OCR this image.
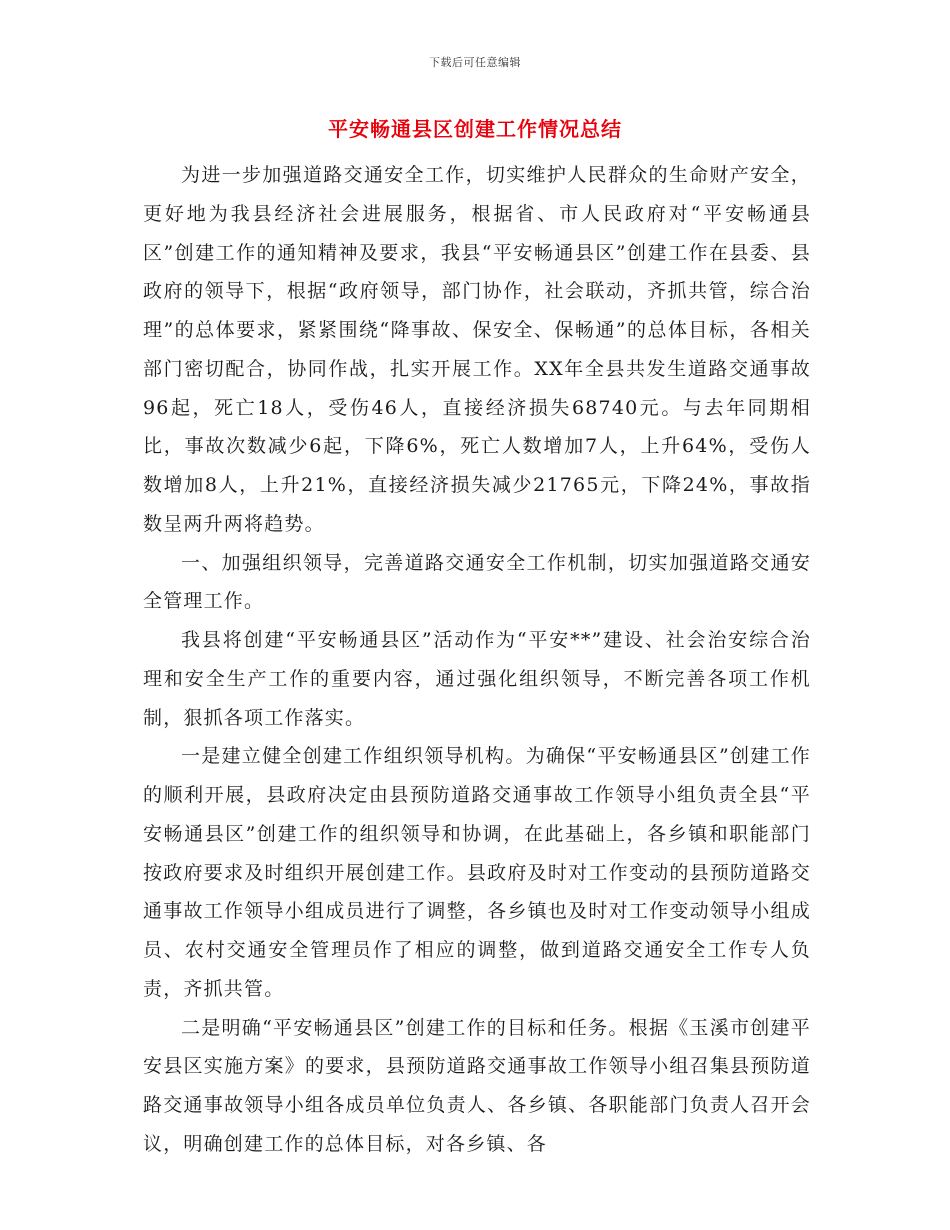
下载后可任意编辑
平安畅通县区创建工作情况总结

为进一步加强道路交通安全工作，切实维护人民群众的生命财产安全，更好地为我县经济社会进展服务，根据省、市人民政府对“平安畅通县区”创建工作的通知精神及要求，我县“平安畅通县区”创建工作在县委、县政府的领导下，根据“政府领导，部门协作，社会联动，齐抓共管，综合治理”的总体要求，紧紧围绕“降事故、保安全、保畅通”的总体目标，各相关部门密切配合，协同作战，扎实开展工作。XX年全县共发生道路交通事故96起，死亡18人，受伤46人，直接经济损失68740元。与去年同期相比，事故次数减少6起，下降6%，死亡人数增加7人，上升64%，受伤人数增加8人，上升21%，直接经济损失减少21765元，下降24%，事故指数呈两升两将趋势。

一、加强组织领导，完善道路交通安全工作机制，切实加强道路交通安全管理工作。

我县将创建“平安畅通县区”活动作为“平安**”建设、社会治安综合治理和安全生产工作的重要内容，通过强化组织领导，不断完善各项工作机制，狠抓各项工作落实。

一是建立健全创建工作组织领导机构。为确保“平安畅通县区”创建工作的顺利开展，县政府决定由县预防道路交通事故工作领导小组负责全县“平安畅通县区”创建工作的组织领导和协调，在此基础上，各乡镇和职能部门按政府要求及时组织开展创建工作。县政府及时对工作变动的县预防道路交通事故工作领导小组成员进行了调整，各乡镇也及时对工作变动领导小组成员、农村交通安全管理员作了相应的调整，做到道路交通安全工作专人负责，齐抓共管。

二是明确“平安畅通县区”创建工作的目标和任务。根据《玉溪市创建平安县区实施方案》的要求，县预防道路交通事故工作领导小组召集县预防道路交通事故领导小组各成员单位负责人、各乡镇、各职能部门负责人召开会议，明确创建工作的总体目标，对各乡镇、各
